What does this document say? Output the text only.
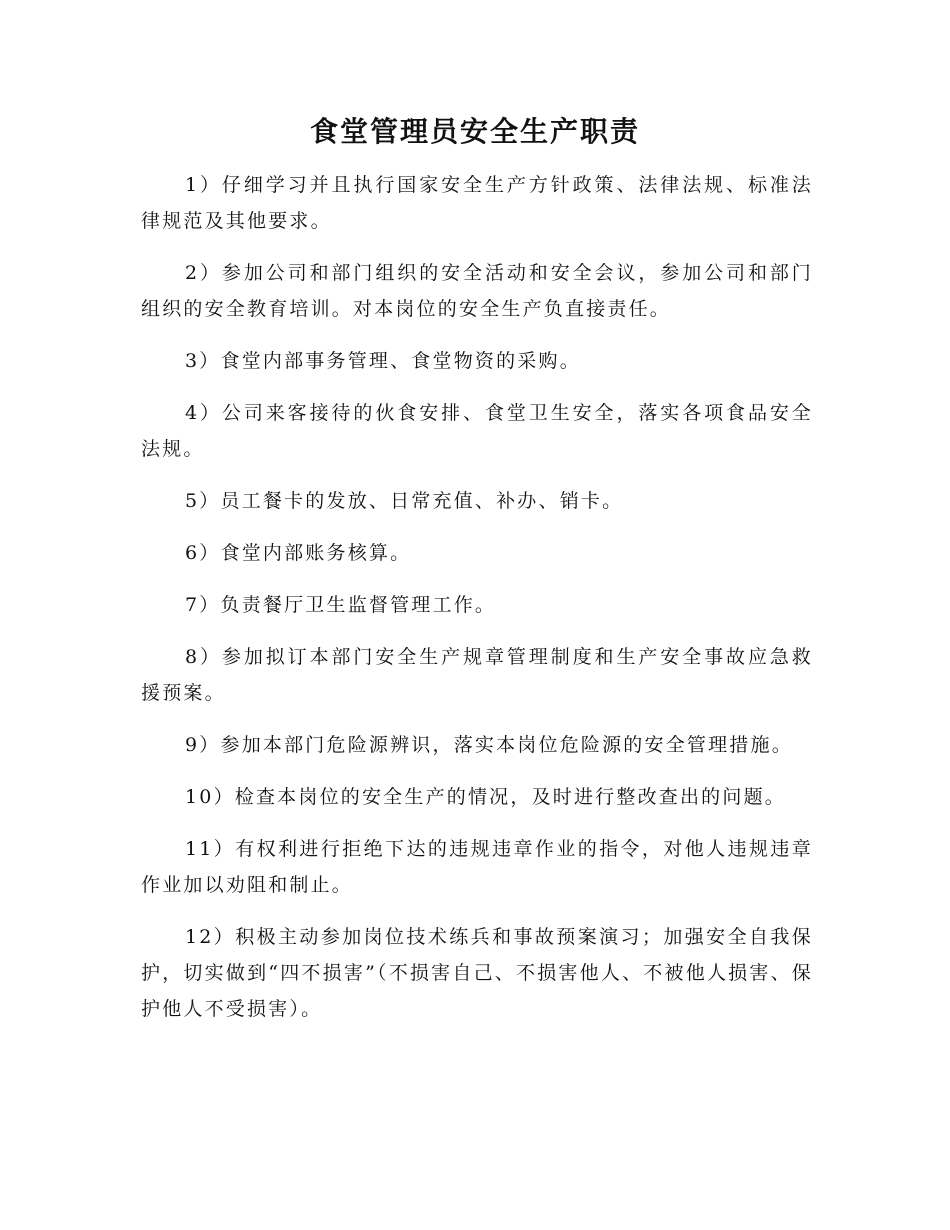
食堂管理员安全生产职责

1）仔细学习并且执行国家安全生产方针政策、法律法规、标准法律规范及其他要求。

2）参加公司和部门组织的安全活动和安全会议，参加公司和部门组织的安全教育培训。对本岗位的安全生产负直接责任。

3）食堂内部事务管理、食堂物资的采购。

4）公司来客接待的伙食安排、食堂卫生安全，落实各项食品安全法规。

5）员工餐卡的发放、日常充值、补办、销卡。

6）食堂内部账务核算。

7）负责餐厅卫生监督管理工作。

8）参加拟订本部门安全生产规章管理制度和生产安全事故应急救援预案。

9）参加本部门危险源辨识，落实本岗位危险源的安全管理措施。

10）检查本岗位的安全生产的情况，及时进行整改查出的问题。

11）有权利进行拒绝下达的违规违章作业的指令，对他人违规违章作业加以劝阻和制止。

12）积极主动参加岗位技术练兵和事故预案演习；加强安全自我保护，切实做到“四不损害”（不损害自己、不损害他人、不被他人损害、保护他人不受损害）。
